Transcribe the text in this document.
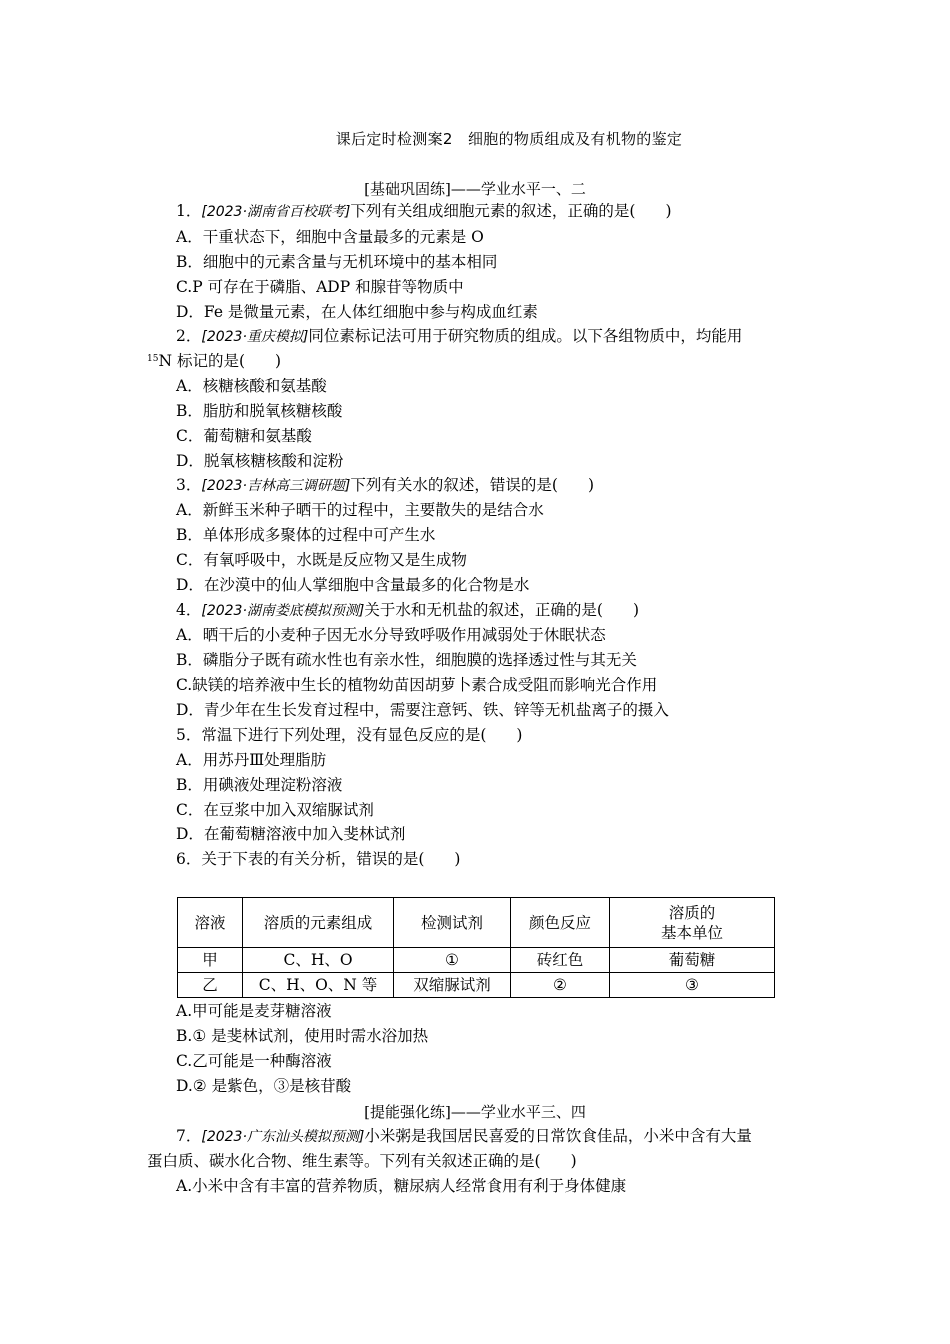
课后定时检测案2　细胞的物质组成及有机物的鉴定
[基础巩固练]——学业水平一、二
1．[2023·湖南省百校联考]下列有关组成细胞元素的叙述，正确的是( )
A．干重状态下，细胞中含量最多的元素是 O
B．细胞中的元素含量与无机环境中的基本相同
C.P 可存在于磷脂、ADP 和腺苷等物质中
D．Fe 是微量元素，在人体红细胞中参与构成血红素
2．[2023·重庆模拟]同位素标记法可用于研究物质的组成。以下各组物质中，均能用
$^{15}$N 标记的是( )
A．核糖核酸和氨基酸
B．脂肪和脱氧核糖核酸
C．葡萄糖和氨基酸
D．脱氧核糖核酸和淀粉
3．[2023·吉林高三调研题]下列有关水的叙述，错误的是( )
A．新鲜玉米种子晒干的过程中，主要散失的是结合水
B．单体形成多聚体的过程中可产生水
C．有氧呼吸中，水既是反应物又是生成物
D．在沙漠中的仙人掌细胞中含量最多的化合物是水
4．[2023·湖南娄底模拟预测]关于水和无机盐的叙述，正确的是( )
A．晒干后的小麦种子因无水分导致呼吸作用减弱处于休眠状态
B．磷脂分子既有疏水性也有亲水性，细胞膜的选择透过性与其无关
C.缺镁的培养液中生长的植物幼苗因胡萝卜素合成受阻而影响光合作用
D．青少年在生长发育过程中，需要注意钙、铁、锌等无机盐离子的摄入
5．常温下进行下列处理，没有显色反应的是( )
A．用苏丹Ⅲ处理脂肪
B．用碘液处理淀粉溶液
C．在豆浆中加入双缩脲试剂
D．在葡萄糖溶液中加入斐林试剂
6．关于下表的有关分析，错误的是( )
溶液	溶质的元素组成	检测试剂	颜色反应	溶质的
基本单位

甲	C、H、O	①	砖红色	葡萄糖
乙	C、H、O、N 等	双缩脲试剂	②	③
A.甲可能是麦芽糖溶液
B.① 是斐林试剂，使用时需水浴加热
C.乙可能是一种酶溶液
D.② 是紫色，③是核苷酸
[提能强化练]——学业水平三、四
7．[2023·广东汕头模拟预测]小米粥是我国居民喜爱的日常饮食佳品，小米中含有大量
蛋白质、碳水化合物、维生素等。下列有关叙述正确的是( )
A.小米中含有丰富的营养物质，糖尿病人经常食用有利于身体健康
